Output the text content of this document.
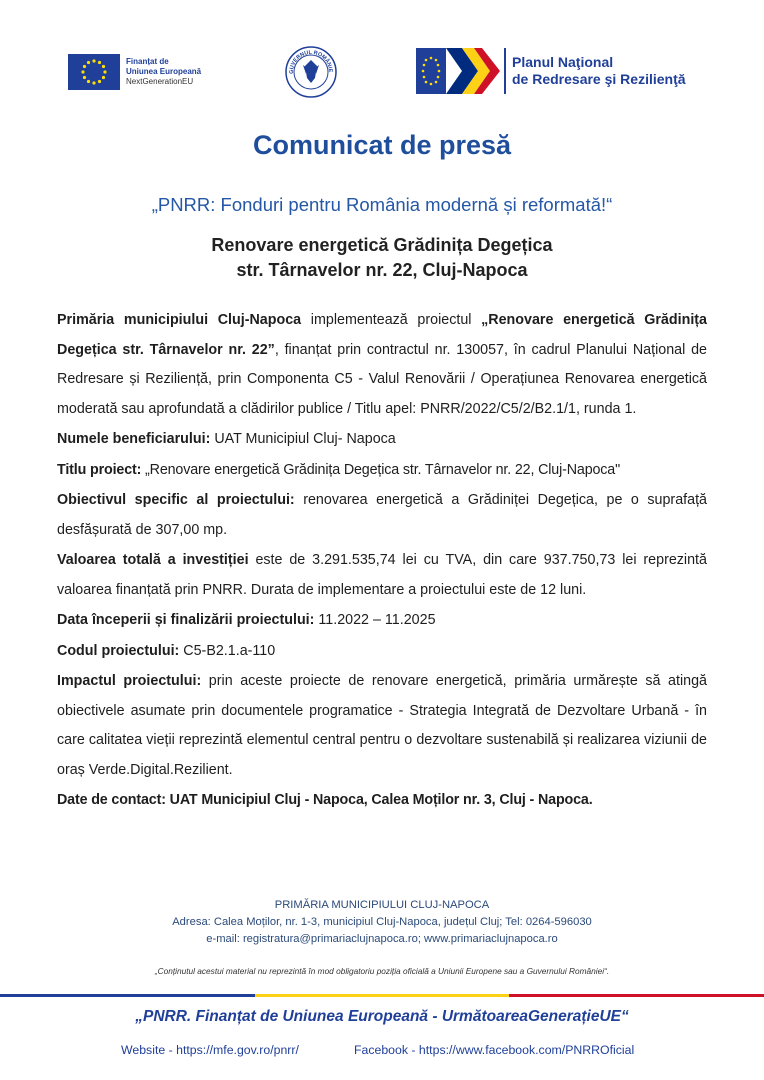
Finanțat de
Uniunea Europeană
NextGenerationEU
GUVERNUL ROMÂNIE
Planul Naţional
de Redresare şi Rezilienţă
Comunicat de presă
„PNRR: Fonduri pentru România modernă și reformată!“
Renovare energetică Grădinița Degețica
str. Târnavelor nr. 22, Cluj-Napoca

Primăria municipiului Cluj-Napoca implementează proiectul „Renovare energetică Grădinița Degețica str. Târnavelor nr. 22”, finanțat prin contractul nr. 130057, în cadrul Planului Național de Redresare și Reziliență, prin Componenta C5 - Valul Renovării / Operațiunea Renovarea energetică moderată sau aprofundată a clădirilor publice / Titlu apel: PNRR/2022/C5/2/B2.1/1, runda 1.

Numele beneficiarului: UAT Municipiul Cluj- Napoca

Titlu proiect: „Renovare energetică Grădinița Degețica str. Târnavelor nr. 22, Cluj-Napoca"

Obiectivul specific al proiectului: renovarea energetică a Grădiniței Degețica, pe o suprafață desfășurată de 307,00 mp.

Valoarea totală a investiției este de 3.291.535,74 lei cu TVA, din care 937.750,73 lei reprezintă valoarea finanțată prin PNRR. Durata de implementare a proiectului este de 12 luni.

Data începerii și finalizării proiectului: 11.2022 – 11.2025

Codul proiectului: C5-B2.1.a-110

Impactul proiectului: prin aceste proiecte de renovare energetică, primăria urmărește să atingă obiectivele asumate prin documentele programatice - Strategia Integrată de Dezvoltare Urbană - în care calitatea vieții reprezintă elementul central pentru o dezvoltare sustenabilă și realizarea viziunii de oraș Verde.Digital.Rezilient.

Date de contact: UAT Municipiul Cluj - Napoca, Calea Moților nr. 3, Cluj - Napoca.

PRIMĂRIA MUNICIPIULUI CLUJ-NAPOCA
Adresa: Calea Moților, nr. 1-3, municipiul Cluj-Napoca, județul Cluj; Tel: 0264-596030
e-mail: registratura@primariaclujnapoca.ro; www.primariaclujnapoca.ro
„Conținutul acestui material nu reprezintă în mod obligatoriu poziția oficială a Uniunii Europene sau a Guvernului României“.
„PNRR. Finanțat de Uniunea Europeană - UrmătoareaGenerațieUE“
Website - https://mfe.gov.ro/pnrr/	Facebook - https://www.facebook.com/PNRROficial
